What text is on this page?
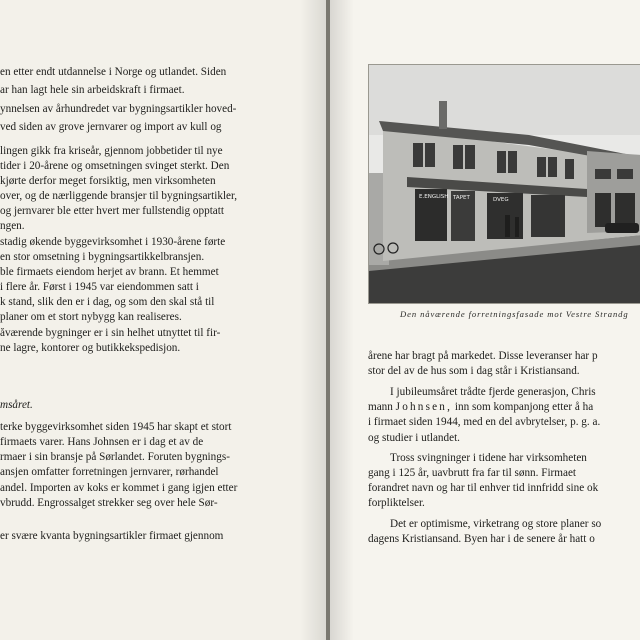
en etter endt utdannelse i Norge og utlandet. Siden
ar han lagt hele sin arbeidskraft i firmaet.
ynnelsen av århundredet var bygningsartikler hoved-
ved siden av grove jernvarer og import av kull og
lingen gikk fra kriseår, gjennom jobbetider til nye
tider i 20-årene og omsetningen svinget sterkt. Den
kjørte derfor meget forsiktig, men virksomheten
over, og de nærliggende bransjer til bygningsartikler,
og jernvarer ble etter hvert mer fullstendig opptatt
ngen.
stadig økende byggevirksomhet i 1930-årene førte
en stor omsetning i bygningsartikkelbransjen.
ble firmaets eiendom herjet av brann. Et hemmet
i flere år. Først i 1945 var eiendommen satt i
k stand, slik den er i dag, og som den skal stå til
planer om et stort nybygg kan realiseres.
ăværende bygninger er i sin helhet utnyttet til fir-
ne lagre, kontorer og butikkekspedisjon.
msåret.
terke byggevirksomhet siden 1945 har skapt et stort
firmaets varer. Hans Johnsen er i dag et av de
rmaer i sin bransje på Sørlandet. Foruten bygnings-
ansjen omfatter forretningen jernvarer, rørhandel
andel. Importen av koks er kommet i gang igjen etter
vbrudd. Engrossalget strekker seg over hele Sør-
er svære kvanta bygningsartikler firmaet gjennom
E.ENGLISH TAPET	DVEG
Den nåværende forretningsfasade mot Vestre Strandg
årene har bragt på markedet. Disse leveranser har p
stor del av de hus som i dag står i Kristiansand.
I jubileumsåret trådte fjerde generasjon, Chris
mann Johnsen, inn som kompanjong etter å ha
i firmaet siden 1944, med en del avbrytelser, p. g. a.
og studier i utlandet.
Tross svingninger i tidene har virksomheten
gang i 125 år, uavbrutt fra far til sønn. Firmaet
forandret navn og har til enhver tid innfridd sine ok
forpliktelser.
Det er optimisme, virketrang og store planer so
dagens Kristiansand. Byen har i de senere år hatt o
